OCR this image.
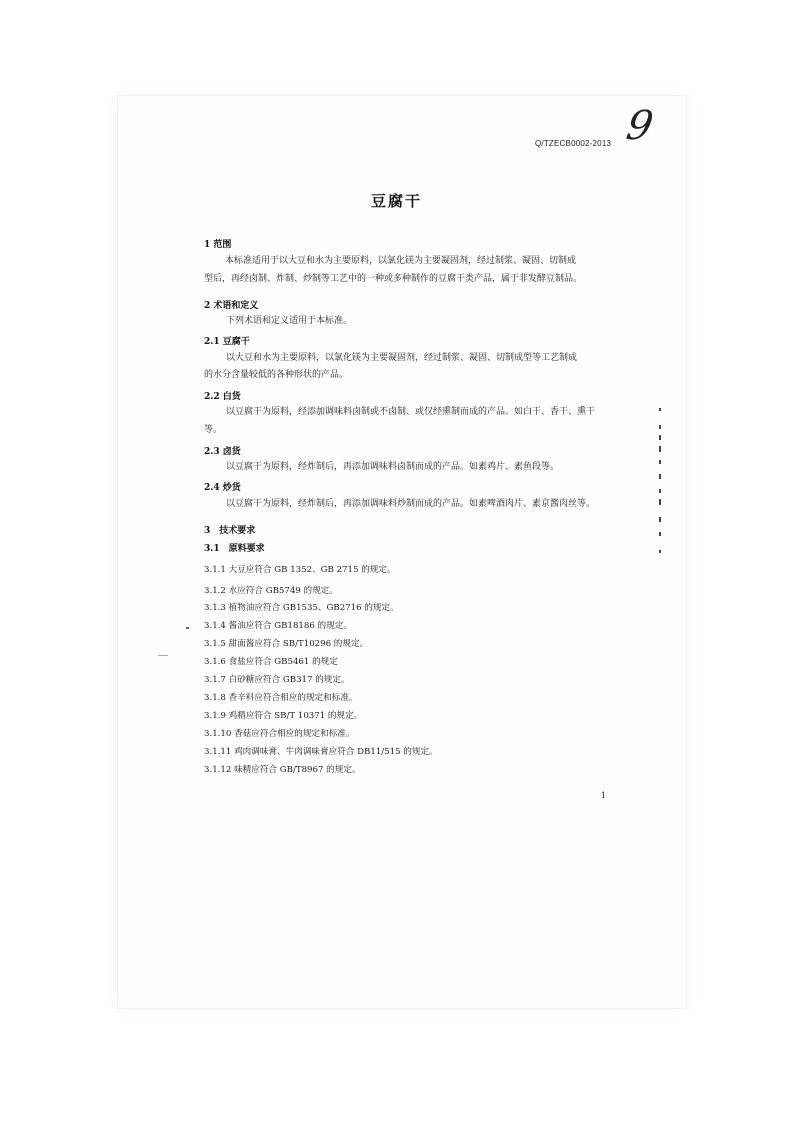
9
Q/TZECB0002-2013
豆腐干
1 范围
本标准适用于以大豆和水为主要原料，以氯化镁为主要凝固剂，经过制浆、凝固、切制成
型后，再经卤制、炸制、炒制等工艺中的一种或多种制作的豆腐干类产品，属于非发酵豆制品。
2 术语和定义
下列术语和定义适用于本标准。
2.1 豆腐干
以大豆和水为主要原料，以氯化镁为主要凝固剂，经过制浆、凝固、切制成型等工艺制成
的水分含量较低的各种形状的产品。
2.2 白货
以豆腐干为原料，经添加调味料卤制或不卤制、或仅经熏制而成的产品。如白干、香干、熏干
等。
2.3 卤货
以豆腐干为原料，经炸制后，再添加调味料卤制而成的产品。如素鸡片、素鱼段等。
2.4 炒货
以豆腐干为原料，经炸制后，再添加调味料炒制而成的产品。如素啤酒肉片、素京酱肉丝等。
3　技术要求
3.1　原料要求
3.1.1 大豆应符合 GB 1352、GB 2715 的规定。
3.1.2 水应符合 GB5749 的规定。
3.1.3 植物油应符合 GB1535、GB2716 的规定。
3.1.4 酱油应符合 GB18186 的规定。
3.1.5 甜面酱应符合 SB/T10296 的规定。
3.1.6 食盐应符合 GB5461 的规定
3.1.7 白砂糖应符合 GB317 的规定。
3.1.8 香辛料应符合相应的规定和标准。
3.1.9 鸡精应符合 SB/T 10371 的规定。
3.1.10 香菇应符合相应的规定和标准。
3.1.11 鸡肉调味膏、牛肉调味膏应符合 DB11/515 的规定。
3.1.12 味精应符合 GB/T8967 的规定。
1
